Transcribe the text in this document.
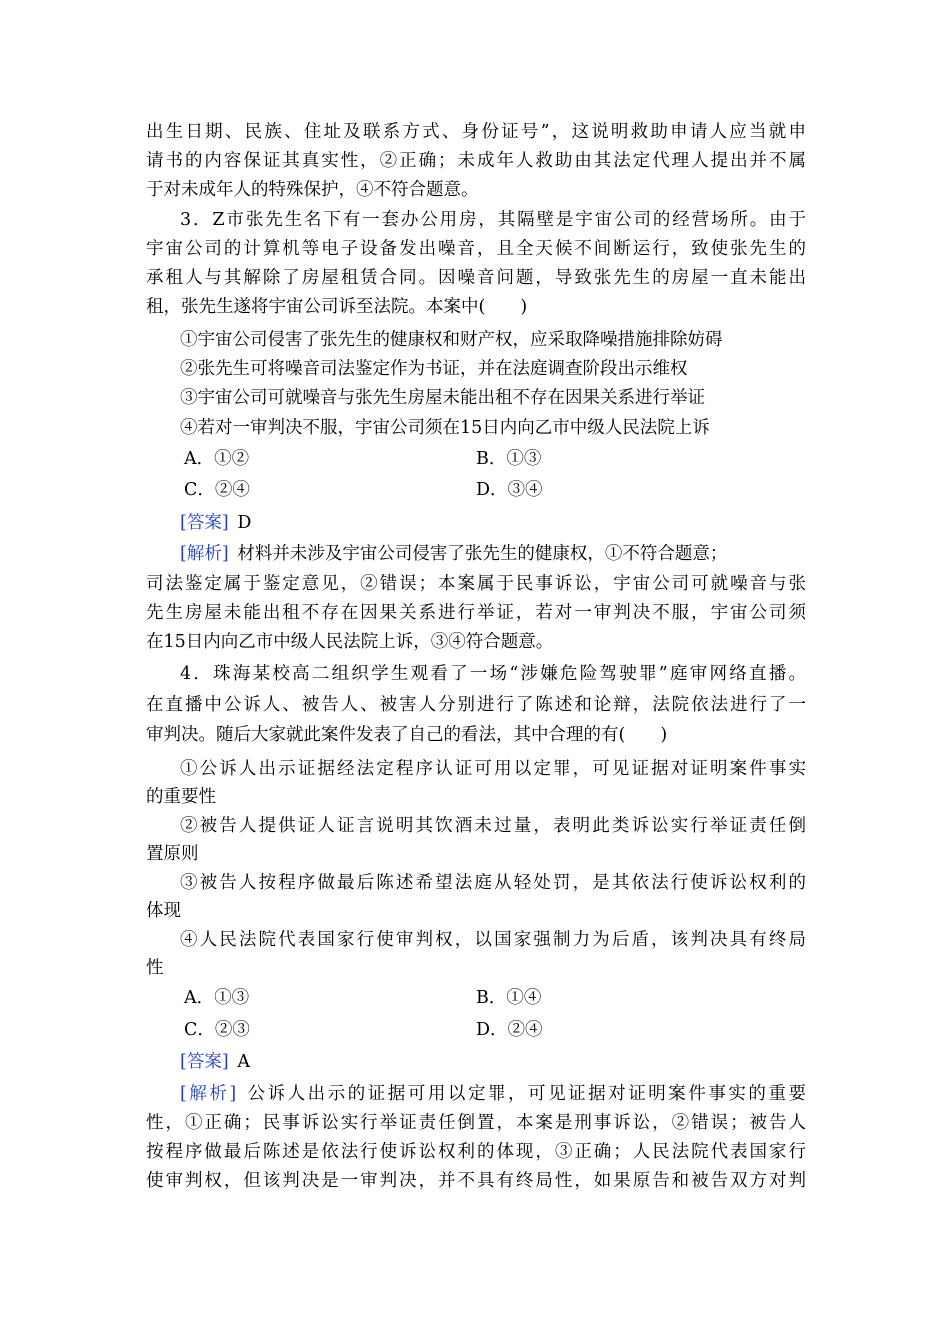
出生日期、民族、住址及联系方式、身份证号”，这说明救助申请人应当就申
请书的内容保证其真实性，②正确；未成年人救助由其法定代理人提出并不属
于对未成年人的特殊保护，④不符合题意。
3．Z市张先生名下有一套办公用房，其隔壁是宇宙公司的经营场所。由于
宇宙公司的计算机等电子设备发出噪音，且全天候不间断运行，致使张先生的
承租人与其解除了房屋租赁合同。因噪音问题，导致张先生的房屋一直未能出
租，张先生遂将宇宙公司诉至法院。本案中(　　)
①宇宙公司侵害了张先生的健康权和财产权，应采取降噪措施排除妨碍
②张先生可将噪音司法鉴定作为书证，并在法庭调查阶段出示维权
③宇宙公司可就噪音与张先生房屋未能出租不存在因果关系进行举证
④若对一审判决不服，宇宙公司须在15日内向乙市中级人民法院上诉
A．①②	B．①③
C．②④	D．③④
[答案]  D
[解析]  材料并未涉及宇宙公司侵害了张先生的健康权，①不符合题意；
司法鉴定属于鉴定意见，②错误；本案属于民事诉讼，宇宙公司可就噪音与张
先生房屋未能出租不存在因果关系进行举证，若对一审判决不服，宇宙公司须
在15日内向乙市中级人民法院上诉，③④符合题意。
4．珠海某校高二组织学生观看了一场“涉嫌危险驾驶罪”庭审网络直播。
在直播中公诉人、被告人、被害人分别进行了陈述和论辩，法院依法进行了一
审判决。随后大家就此案件发表了自己的看法，其中合理的有(　　)
①公诉人出示证据经法定程序认证可用以定罪，可见证据对证明案件事实
的重要性
②被告人提供证人证言说明其饮酒未过量，表明此类诉讼实行举证责任倒
置原则
③被告人按程序做最后陈述希望法庭从轻处罚，是其依法行使诉讼权利的
体现
④人民法院代表国家行使审判权，以国家强制力为后盾，该判决具有终局
性
A．①③	B．①④
C．②③	D．②④
[答案]  A
[解析]  公诉人出示的证据可用以定罪，可见证据对证明案件事实的重要
性，①正确；民事诉讼实行举证责任倒置，本案是刑事诉讼，②错误；被告人
按程序做最后陈述是依法行使诉讼权利的体现，③正确；人民法院代表国家行
使审判权，但该判决是一审判决，并不具有终局性，如果原告和被告双方对判
